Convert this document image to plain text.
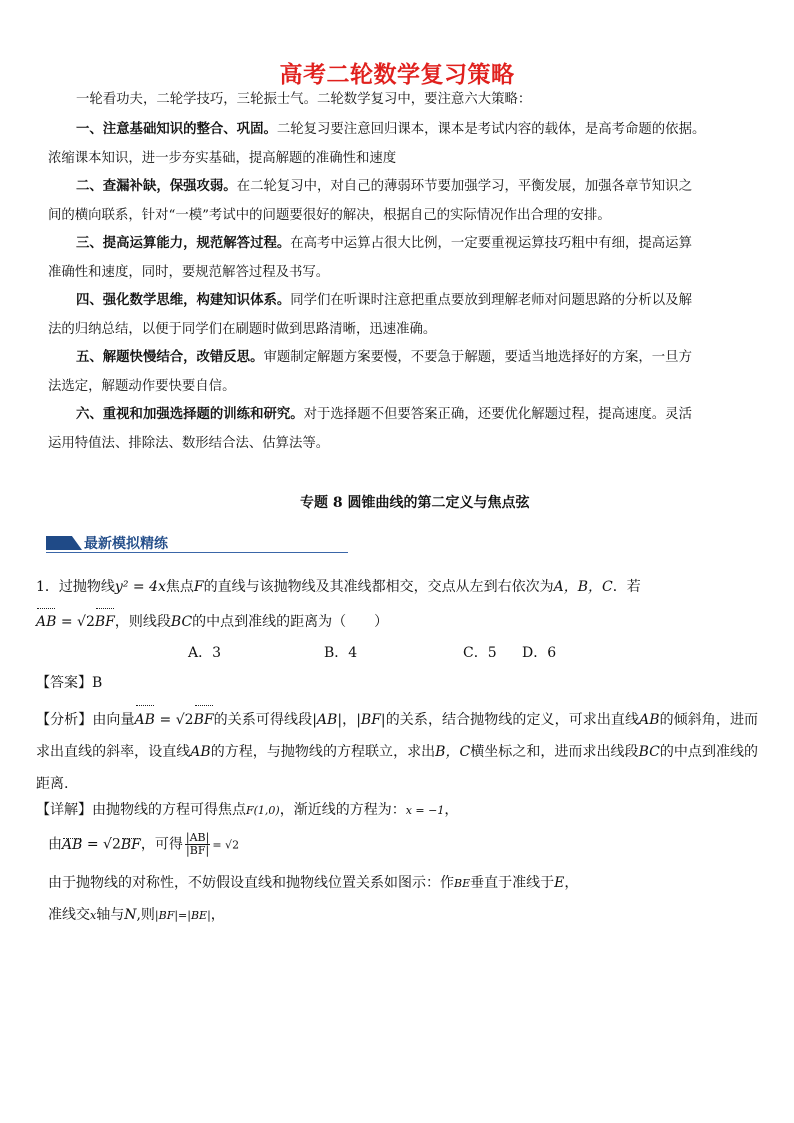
高考二轮数学复习策略
一轮看功夫，二轮学技巧，三轮振士气。二轮数学复习中，要注意六大策略：
一、注意基础知识的整合、巩固。二轮复习要注意回归课本，课本是考试内容的载体，是高考命题的依据。
浓缩课本知识，进一步夯实基础，提高解题的准确性和速度
二、查漏补缺，保强攻弱。在二轮复习中，对自己的薄弱环节要加强学习，平衡发展，加强各章节知识之
间的横向联系，针对“一模”考试中的问题要很好的解决，根据自己的实际情况作出合理的安排。
三、提高运算能力，规范解答过程。在高考中运算占很大比例，一定要重视运算技巧粗中有细，提高运算
准确性和速度，同时，要规范解答过程及书写。
四、强化数学思维，构建知识体系。同学们在听课时注意把重点要放到理解老师对问题思路的分析以及解
法的归纳总结，以便于同学们在刷题时做到思路清晰，迅速准确。
五、解题快慢结合，改错反思。审题制定解题方案要慢，不要急于解题，要适当地选择好的方案，一旦方
法选定，解题动作要快要自信。
六、重视和加强选择题的训练和研究。对于选择题不但要答案正确，还要优化解题过程，提高速度。灵活
运用特值法、排除法、数形结合法、估算法等。
专题 8 圆锥曲线的第二定义与焦点弦
最新模拟精练
1．过抛物线y² = 4x焦点F的直线与该抛物线及其准线都相交，交点从左到右依次为A，B，C．若
AB = √2BF，则线段BC的中点到准线的距离为（　　）
A．3	B．4	C．5 D．6
【答案】B
【分析】由向量AB = √2BF的关系可得线段|AB|，|BF|的关系，结合抛物线的定义，可求出直线AB的倾斜角，进而求出直线的斜率，设直线AB的方程，与抛物线的方程联立，求出B，C横坐标之和，进而求出线段BC的中点到准线的距离.
【详解】由抛物线的方程可得焦点F(1,0)，渐近线的方程为：x = −1，
由AB = √2BF，可得 $\frac{|AB|}{|BF|} = √2$
由于抛物线的对称性，不妨假设直线和抛物线位置关系如图示：作BE垂直于准线于E，
准线交x轴与N,则|BF|=|BE|，
